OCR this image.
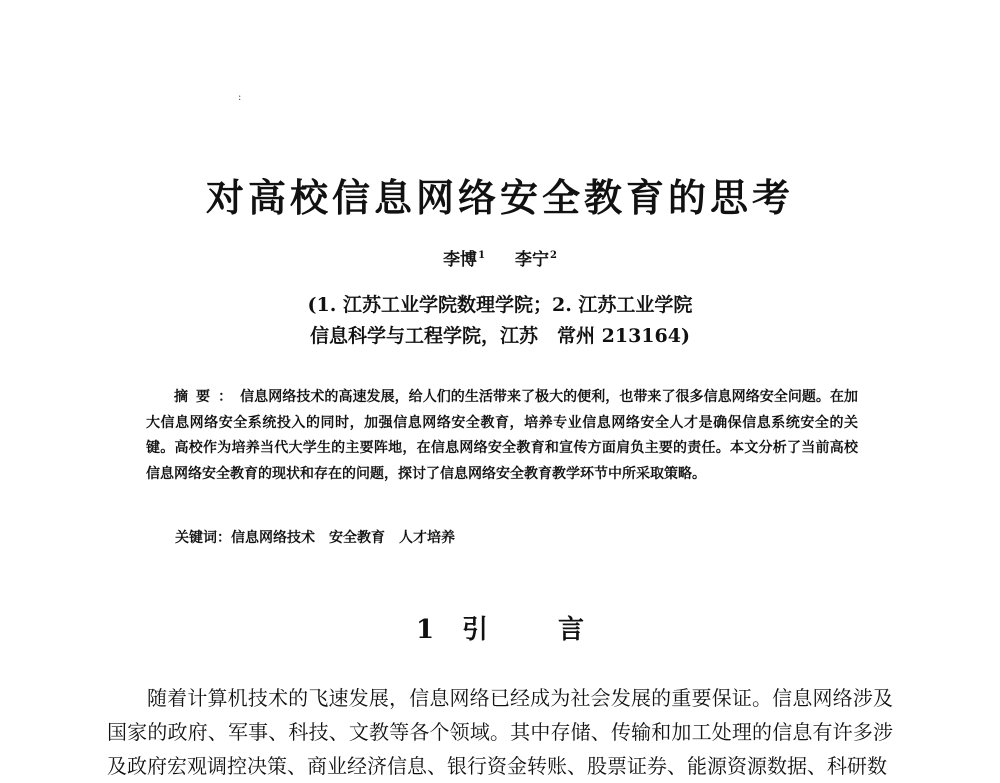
:
对高校信息网络安全教育的思考
李博$^1$ 李宁$^2$
(1. 江苏工业学院数理学院；2. 江苏工业学院
信息科学与工程学院，江苏　常州 213164)
摘要：信息网络技术的高速发展，给人们的生活带来了极大的便利，也带来了很多信息网络安全问题。在加大信息网络安全系统投入的同时，加强信息网络安全教育，培养专业信息网络安全人才是确保信息系统安全的关键。高校作为培养当代大学生的主要阵地，在信息网络安全教育和宣传方面肩负主要的责任。本文分析了当前高校信息网络安全教育的现状和存在的问题，探讨了信息网络安全教育教学环节中所采取策略。
关键词：信息网络技术 安全教育 人才培养
1 引	言
随着计算机技术的飞速发展，信息网络已经成为社会发展的重要保证。信息网络涉及国家的政府、军事、科技、文教等各个领域。其中存储、传输和加工处理的信息有许多涉及政府宏观调控决策、商业经济信息、银行资金转账、股票证券、能源资源数据、科研数
